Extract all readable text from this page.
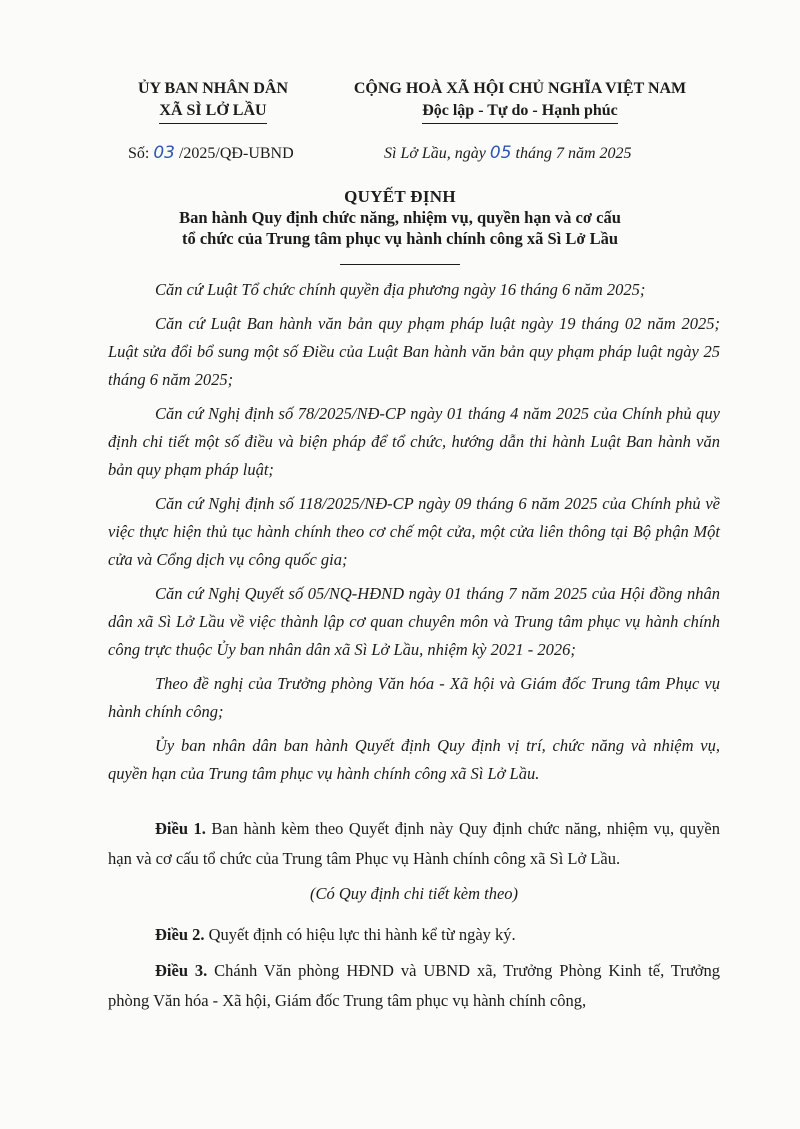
ỦY BAN NHÂN DÂN
XÃ SÌ LỞ LẦU
CỘNG HOÀ XÃ HỘI CHỦ NGHĨA VIỆT NAM
Độc lập - Tự do - Hạnh phúc
Số: 03 /2025/QĐ-UBND	Sì Lở Lầu, ngày 05 tháng 7 năm 2025
QUYẾT ĐỊNH
Ban hành Quy định chức năng, nhiệm vụ, quyền hạn và cơ cấu
tổ chức của Trung tâm phục vụ hành chính công xã Sì Lở Lầu

Căn cứ Luật Tổ chức chính quyền địa phương ngày 16 tháng 6 năm 2025;

Căn cứ Luật Ban hành văn bản quy phạm pháp luật ngày 19 tháng 02 năm 2025; Luật sửa đổi bổ sung một số Điều của Luật Ban hành văn bản quy phạm pháp luật ngày 25 tháng 6 năm 2025;

Căn cứ Nghị định số 78/2025/NĐ-CP ngày 01 tháng 4 năm 2025 của Chính phủ quy định chi tiết một số điều và biện pháp để tổ chức, hướng dẫn thi hành Luật Ban hành văn bản quy phạm pháp luật;

Căn cứ Nghị định số 118/2025/NĐ-CP ngày 09 tháng 6 năm 2025 của Chính phủ về việc thực hiện thủ tục hành chính theo cơ chế một cửa, một cửa liên thông tại Bộ phận Một cửa và Cổng dịch vụ công quốc gia;

Căn cứ Nghị Quyết số 05/NQ-HĐND ngày 01 tháng 7 năm 2025 của Hội đồng nhân dân xã Sì Lở Lầu về việc thành lập cơ quan chuyên môn và Trung tâm phục vụ hành chính công trực thuộc Ủy ban nhân dân xã Sì Lở Lầu, nhiệm kỳ 2021 - 2026;

Theo đề nghị của Trưởng phòng Văn hóa - Xã hội và Giám đốc Trung tâm Phục vụ hành chính công;

Ủy ban nhân dân ban hành Quyết định Quy định vị trí, chức năng và nhiệm vụ, quyền hạn của Trung tâm phục vụ hành chính công xã Sì Lở Lầu.

Điều 1. Ban hành kèm theo Quyết định này Quy định chức năng, nhiệm vụ, quyền hạn và cơ cấu tổ chức của Trung tâm Phục vụ Hành chính công xã Sì Lở Lầu.

(Có Quy định chi tiết kèm theo)

Điều 2. Quyết định có hiệu lực thi hành kể từ ngày ký.

Điều 3. Chánh Văn phòng HĐND và UBND xã, Trưởng Phòng Kinh tế, Trưởng phòng Văn hóa - Xã hội, Giám đốc Trung tâm phục vụ hành chính công,
